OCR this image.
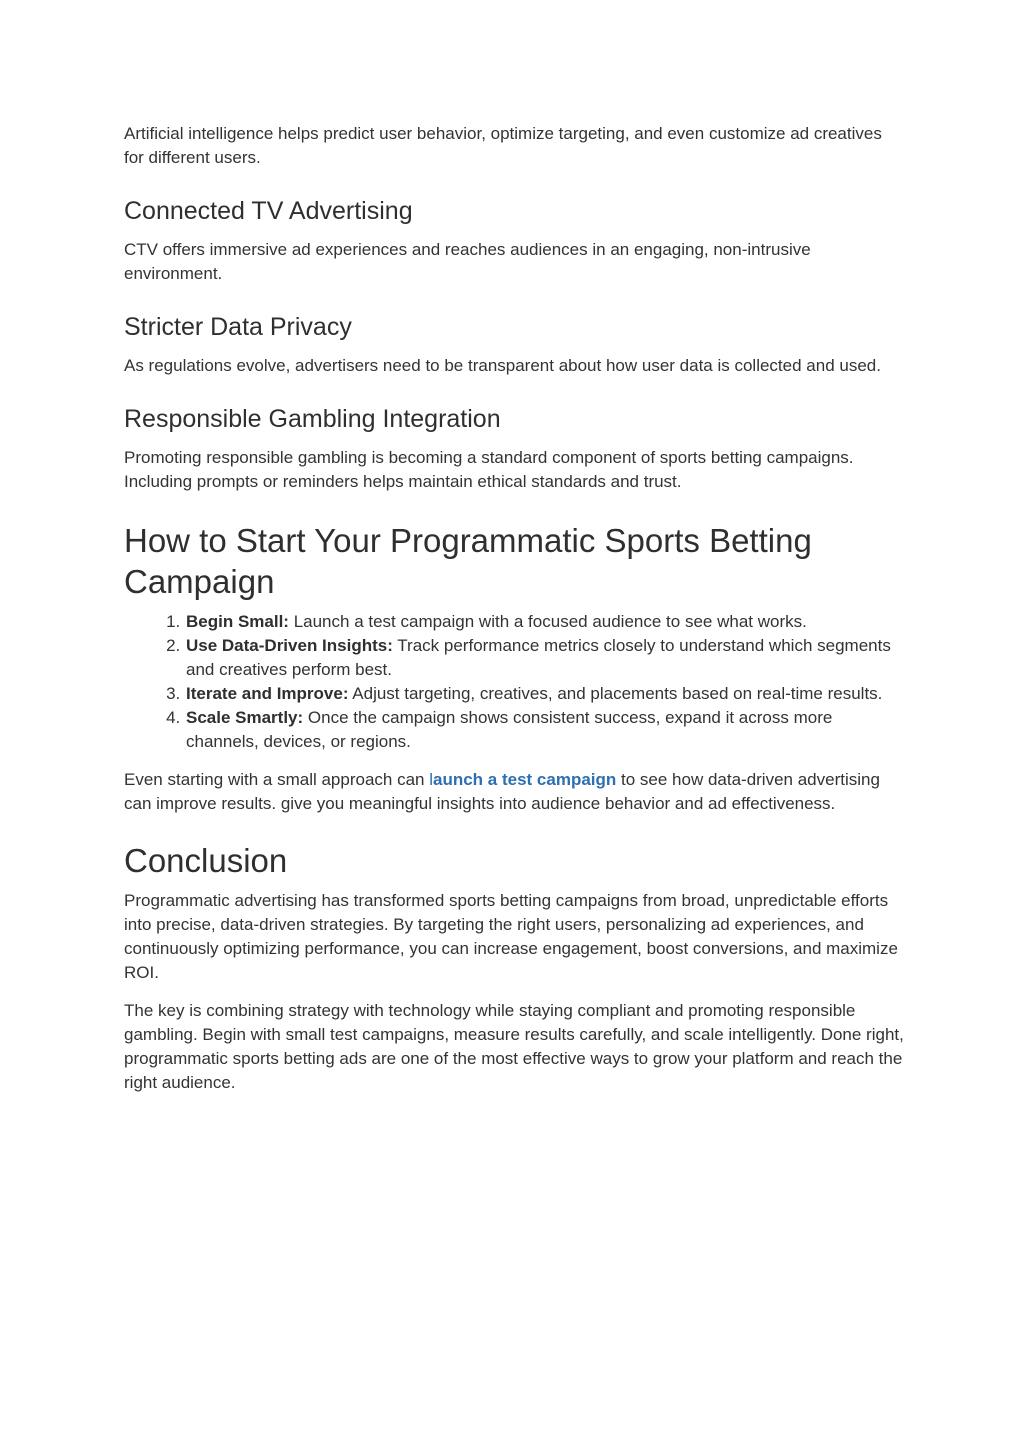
Artificial intelligence helps predict user behavior, optimize targeting, and even customize ad creatives for different users.

Connected TV Advertising

CTV offers immersive ad experiences and reaches audiences in an engaging, non-intrusive environment.

Stricter Data Privacy

As regulations evolve, advertisers need to be transparent about how user data is collected and used.

Responsible Gambling Integration

Promoting responsible gambling is becoming a standard component of sports betting campaigns. Including prompts or reminders helps maintain ethical standards and trust.

How to Start Your Programmatic Sports Betting Campaign
1. Begin Small: Launch a test campaign with a focused audience to see what works.
2. Use Data-Driven Insights: Track performance metrics closely to understand which segments and creatives perform best.
3. Iterate and Improve: Adjust targeting, creatives, and placements based on real-time results.
4. Scale Smartly: Once the campaign shows consistent success, expand it across more channels, devices, or regions.

Even starting with a small approach can launch a test campaign to see how data-driven advertising can improve results. give you meaningful insights into audience behavior and ad effectiveness.

Conclusion

Programmatic advertising has transformed sports betting campaigns from broad, unpredictable efforts into precise, data-driven strategies. By targeting the right users, personalizing ad experiences, and continuously optimizing performance, you can increase engagement, boost conversions, and maximize ROI.

The key is combining strategy with technology while staying compliant and promoting responsible gambling. Begin with small test campaigns, measure results carefully, and scale intelligently. Done right, programmatic sports betting ads are one of the most effective ways to grow your platform and reach the right audience.
